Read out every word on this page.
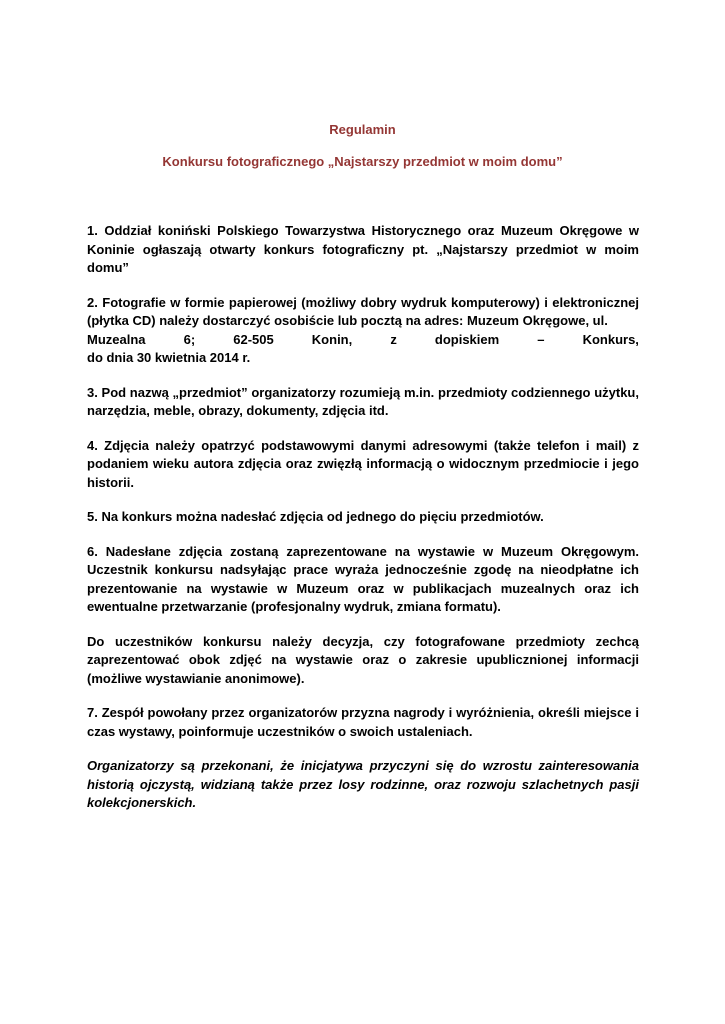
Regulamin
Konkursu fotograficznego „Najstarszy przedmiot w moim domu”

1. Oddział koniński Polskiego Towarzystwa Historycznego oraz Muzeum Okręgowe w Koninie ogłaszają otwarty konkurs fotograficzny pt. „Najstarszy przedmiot w moim domu”

2. Fotografie w formie papierowej (możliwy dobry wydruk komputerowy) i elektronicznej (płytka CD) należy dostarczyć osobiście lub pocztą na adres: Muzeum Okręgowe, ul.
Muzealna	6;	62-505	Konin,	z	dopiskiem	–	Konkurs,
do dnia 30 kwietnia 2014 r.

3. Pod nazwą „przedmiot” organizatorzy rozumieją m.in. przedmioty codziennego użytku, narzędzia, meble, obrazy, dokumenty, zdjęcia itd.

4. Zdjęcia należy opatrzyć podstawowymi danymi adresowymi (także telefon i mail) z podaniem wieku autora zdjęcia oraz zwięzłą informacją o widocznym przedmiocie i jego historii.

5. Na konkurs można nadesłać zdjęcia od jednego do pięciu przedmiotów.

6. Nadesłane zdjęcia zostaną zaprezentowane na wystawie w Muzeum Okręgowym. Uczestnik konkursu nadsyłając prace wyraża jednocześnie zgodę na nieodpłatne ich prezentowanie na wystawie w Muzeum oraz w publikacjach muzealnych oraz ich ewentualne przetwarzanie (profesjonalny wydruk, zmiana formatu).

Do uczestników konkursu należy decyzja, czy fotografowane przedmioty zechcą zaprezentować obok zdjęć na wystawie oraz o zakresie upublicznionej informacji (możliwe wystawianie anonimowe).

7. Zespół powołany przez organizatorów przyzna nagrody i wyróżnienia, określi miejsce i czas wystawy, poinformuje uczestników o swoich ustaleniach.

Organizatorzy są przekonani, że inicjatywa przyczyni się do wzrostu zainteresowania historią ojczystą, widzianą także przez losy rodzinne, oraz rozwoju szlachetnych pasji kolekcjonerskich.
